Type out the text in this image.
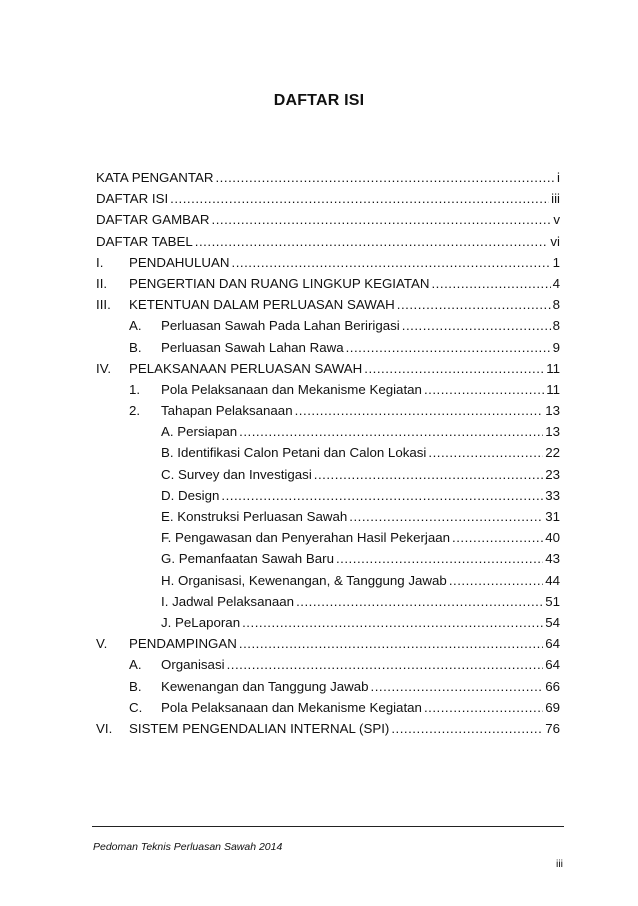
DAFTAR ISI
KATA PENGANTAR .....	i
DAFTAR ISI .....	iii
DAFTAR GAMBAR .....	v
DAFTAR TABEL .....	vi
I.	PENDAHULUAN .....	1
II.	PENGERTIAN DAN RUANG LINGKUP KEGIATAN .....	4
III.	KETENTUAN DALAM PERLUASAN SAWAH .....	8
A.	Perluasan Sawah Pada Lahan Beririgasi .....	8
B.	Perluasan Sawah Lahan Rawa .....	9
IV.	PELAKSANAAN PERLUASAN SAWAH .....	11
1.	Pola Pelaksanaan dan Mekanisme Kegiatan .....	11
2.	Tahapan Pelaksanaan .....	13
A. Persiapan .....	13
B. Identifikasi Calon Petani dan Calon Lokasi .....	22
C. Survey dan Investigasi .....	23
D. Design .....	33
E. Konstruksi Perluasan Sawah .....	31
F. Pengawasan dan Penyerahan Hasil Pekerjaan .....	40
G. Pemanfaatan Sawah Baru .....	43
H. Organisasi, Kewenangan, & Tanggung Jawab .....	44
I. Jadwal Pelaksanaan .....	51
J. PeLaporan .....	54
V.	PENDAMPINGAN .....	64
A.	Organisasi .....	64
B.	Kewenangan dan Tanggung Jawab .....	66
C.	Pola Pelaksanaan dan Mekanisme Kegiatan .....	69
VI.	SISTEM PENGENDALIAN INTERNAL (SPI) .....	76
Pedoman Teknis Perluasan Sawah 2014
iii
